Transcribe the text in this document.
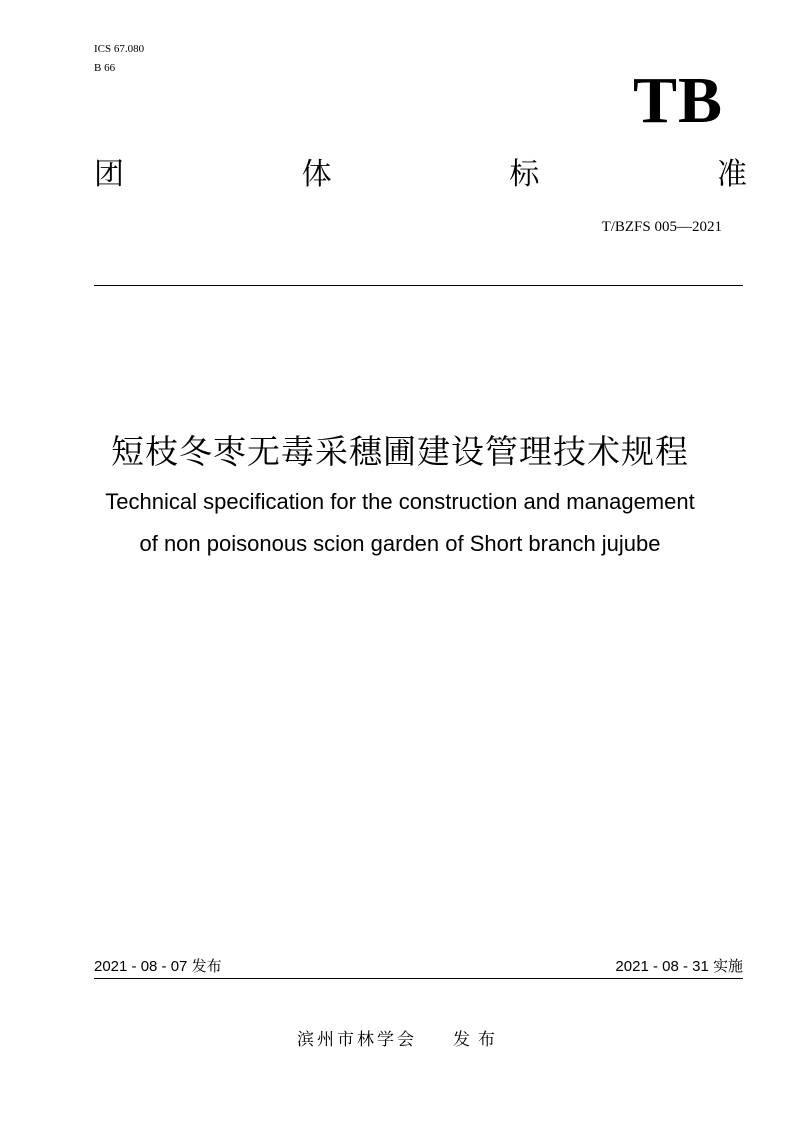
ICS 67.080
B 66	TB
团	体	标	准
T/BZFS 005—2021
短枝冬枣无毒采穗圃建设管理技术规程
Technical specification for the construction and management
of non poisonous scion garden of Short branch jujube
2021 - 08 - 07 发布	2021 - 08 - 31 实施
滨州市林学会 发布
